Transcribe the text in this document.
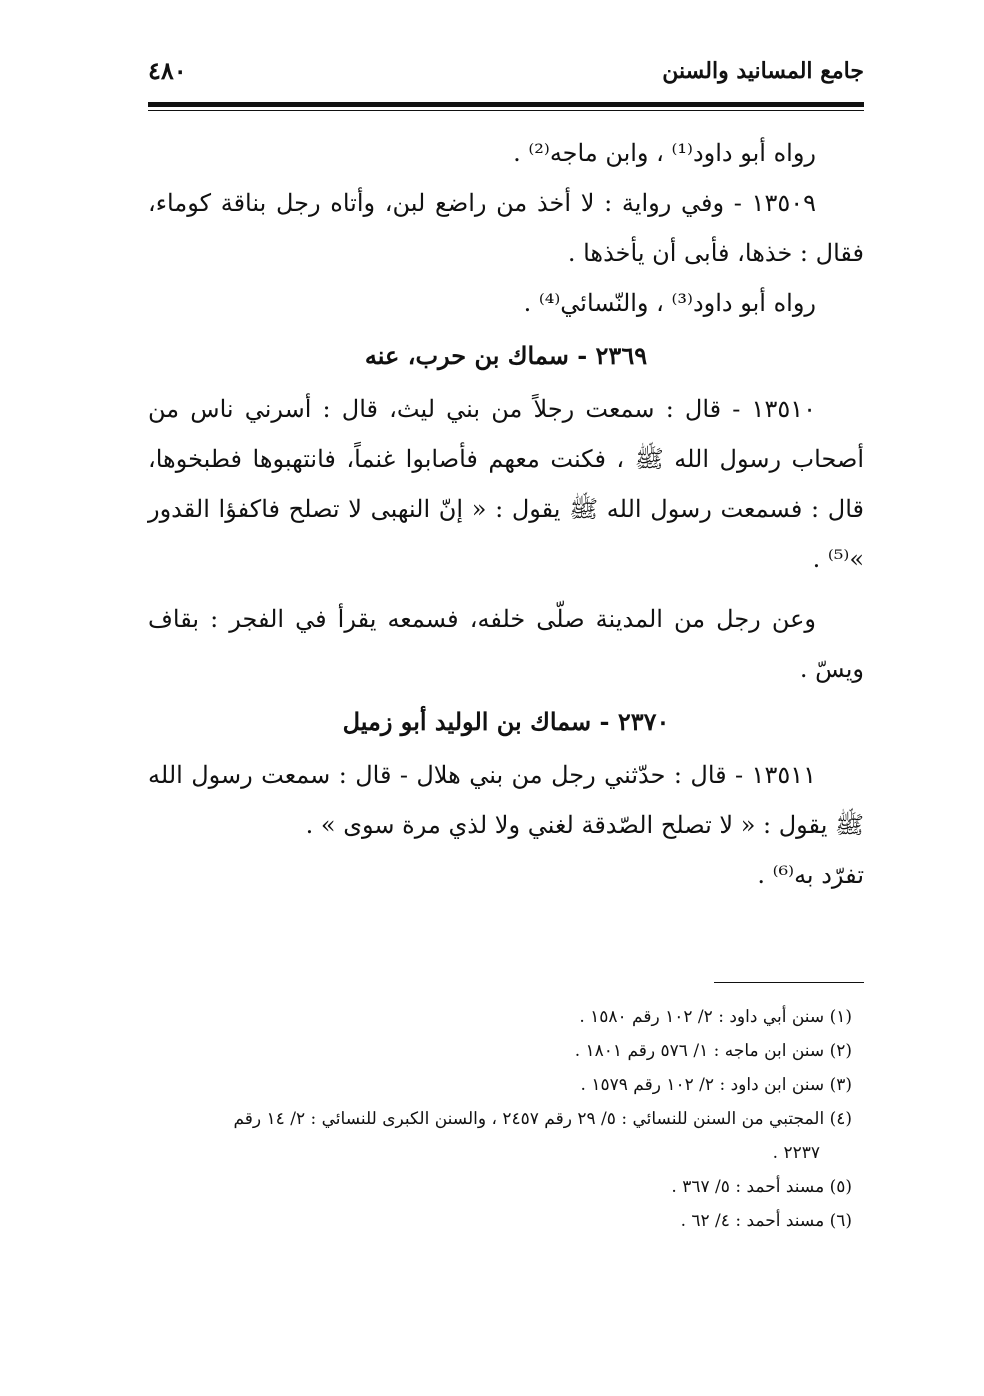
جامع المسانيد والسنن
٤٨٠

رواه أبو داود⁽¹⁾ ، وابن ماجه⁽²⁾ .

١٣٥٠٩ - وفي رواية : لا أخذ من راضع لبن، وأتاه رجل بناقة كوماء، فقال : خذها، فأبى أن يأخذها .

رواه أبو داود⁽³⁾ ، والنّسائي⁽⁴⁾ .

٢٣٦٩ - سماك بن حرب، عنه

١٣٥١٠ - قال : سمعت رجلاً من بني ليث، قال : أسرني ناس من أصحاب رسول الله ﷺ ، فكنت معهم فأصابوا غنماً، فانتهبوها فطبخوها، قال : فسمعت رسول الله ﷺ يقول : « إنّ النهبى لا تصلح فاكفؤا القدور »⁽⁵⁾ .

وعن رجل من المدينة صلّى خلفه، فسمعه يقرأ في الفجر : بقاف ويسّ .

٢٣٧٠ - سماك بن الوليد أبو زميل

١٣٥١١ - قال : حدّثني رجل من بني هلال - قال : سمعت رسول الله ﷺ يقول : « لا تصلح الصّدقة لغني ولا لذي مرة سوى » .

تفرّد به⁽⁶⁾ .

(١) سنن أبي داود : ٢/ ١٠٢ رقم ١٥٨٠ .

(٢) سنن ابن ماجه : ١/ ٥٧٦ رقم ١٨٠١ .

(٣) سنن ابن داود : ٢/ ١٠٢ رقم ١٥٧٩ .

(٤) المجتبي من السنن للنسائي : ٥/ ٢٩ رقم ٢٤٥٧ ، والسنن الكبرى للنسائي : ٢/ ١٤ رقم

٢٢٣٧ .

(٥) مسند أحمد : ٥/ ٣٦٧ .

(٦) مسند أحمد : ٤/ ٦٢ .
